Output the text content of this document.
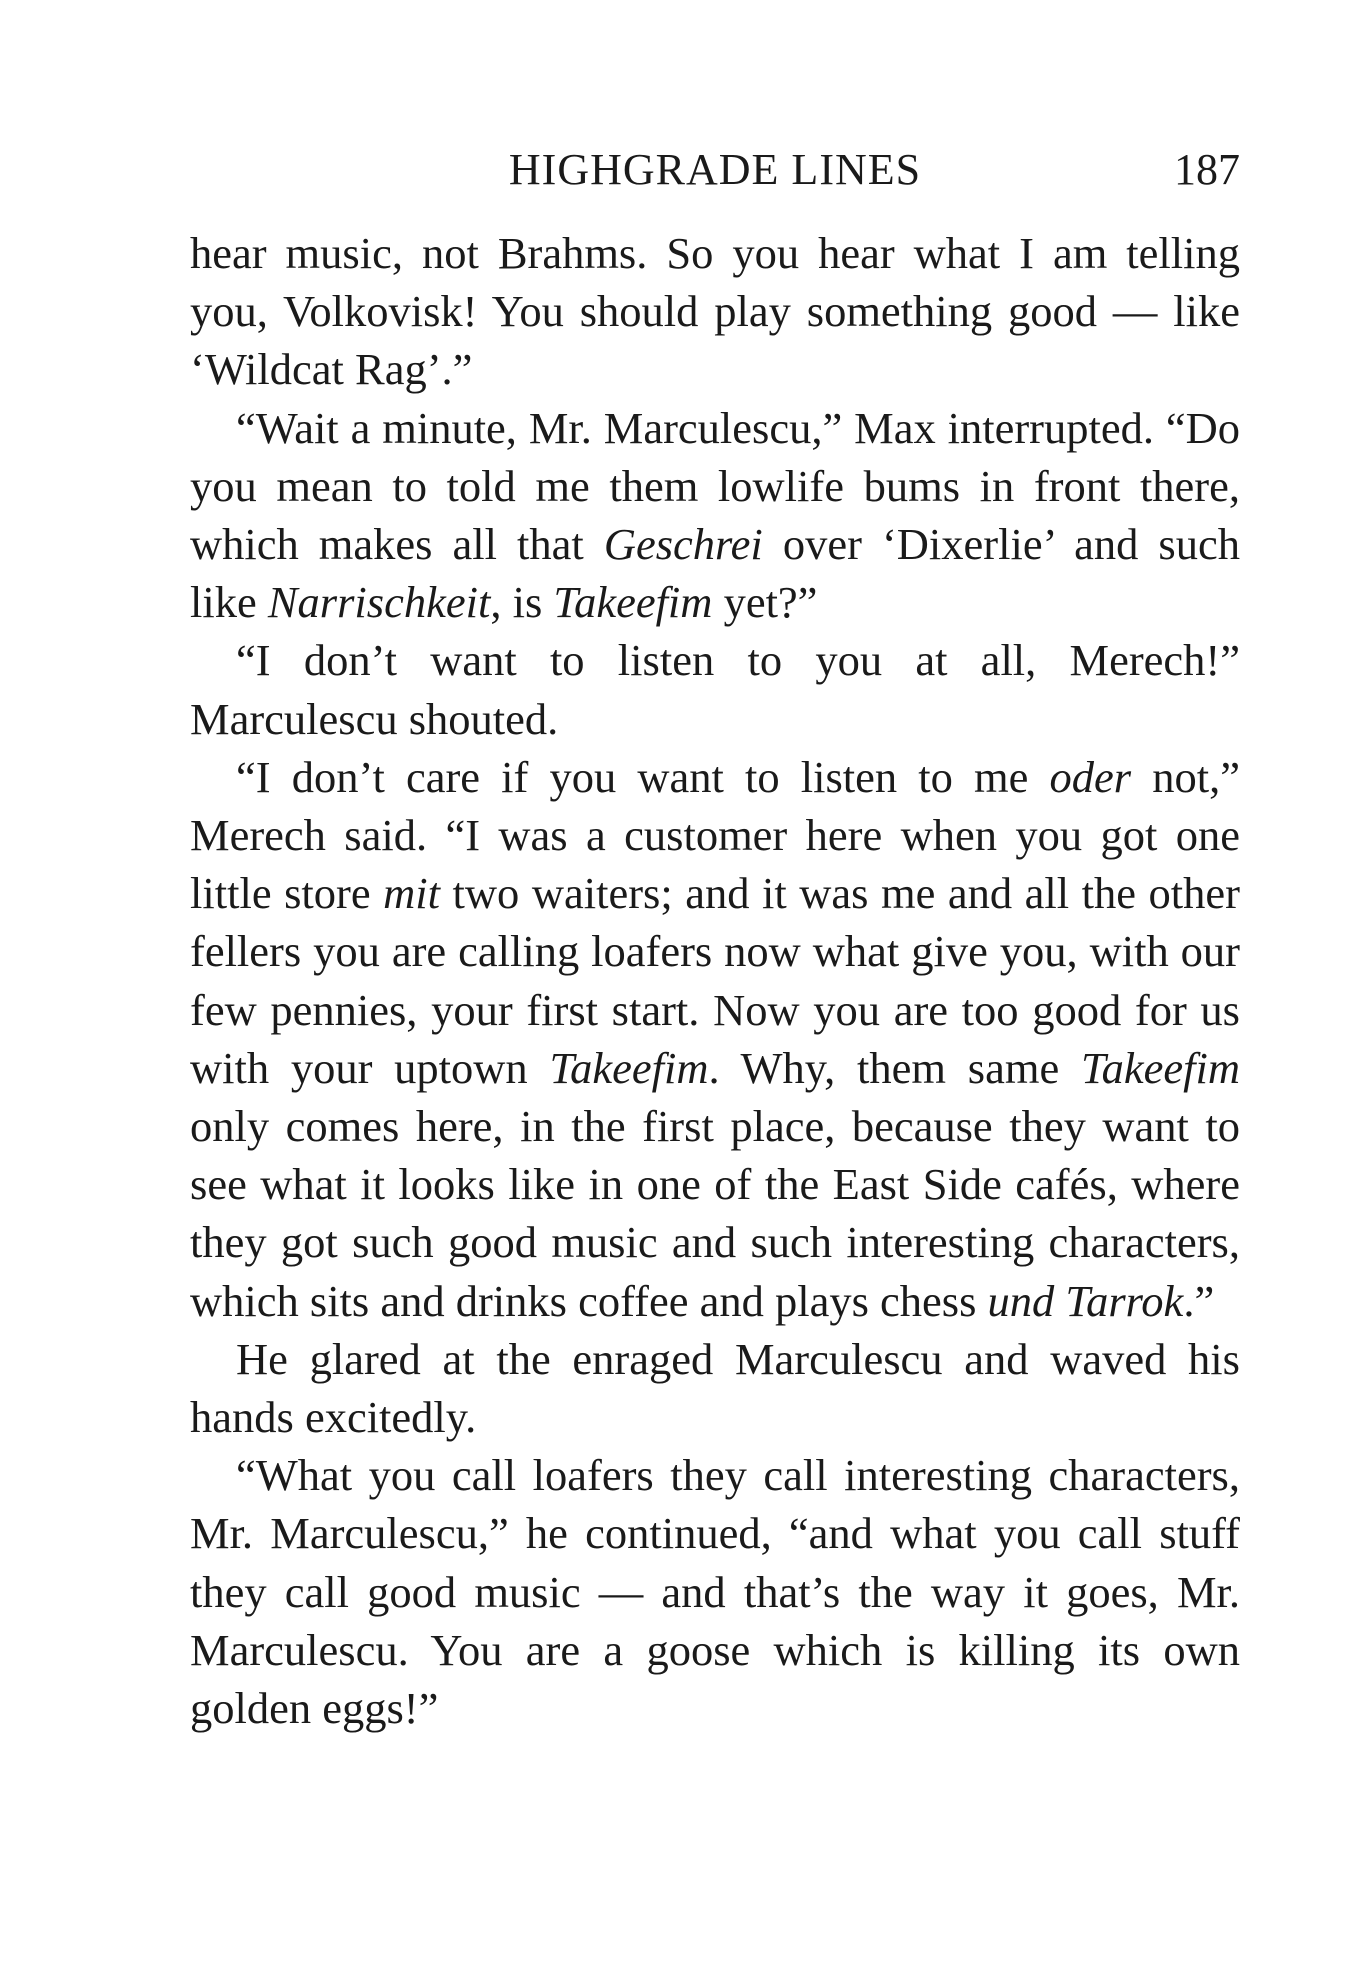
HIGHGRADE LINES	187

hear music, not Brahms. So you hear what I am telling you, Volkovisk! You should play something good — like ‘Wildcat Rag’.”

“Wait a minute, Mr. Marculescu,” Max interrupted. “Do you mean to told me them lowlife bums in front there, which makes all that Geschrei over ‘Dixerlie’ and such like Narrischkeit, is Takeefim yet?”

“I don’t want to listen to you at all, Merech!” Marculescu shouted.

“I don’t care if you want to listen to me oder not,” Merech said. “I was a customer here when you got one little store mit two waiters; and it was me and all the other fellers you are calling loafers now what give you, with our few pennies, your first start. Now you are too good for us with your uptown Takeefim. Why, them same Takeefim only comes here, in the first place, because they want to see what it looks like in one of the East Side cafés, where they got such good music and such interesting characters, which sits and drinks coffee and plays chess und Tarrok.”

He glared at the enraged Marculescu and waved his hands excitedly.

“What you call loafers they call interesting characters, Mr. Marculescu,” he continued, “and what you call stuff they call good music — and that’s the way it goes, Mr. Marculescu. You are a goose which is killing its own golden eggs!”
